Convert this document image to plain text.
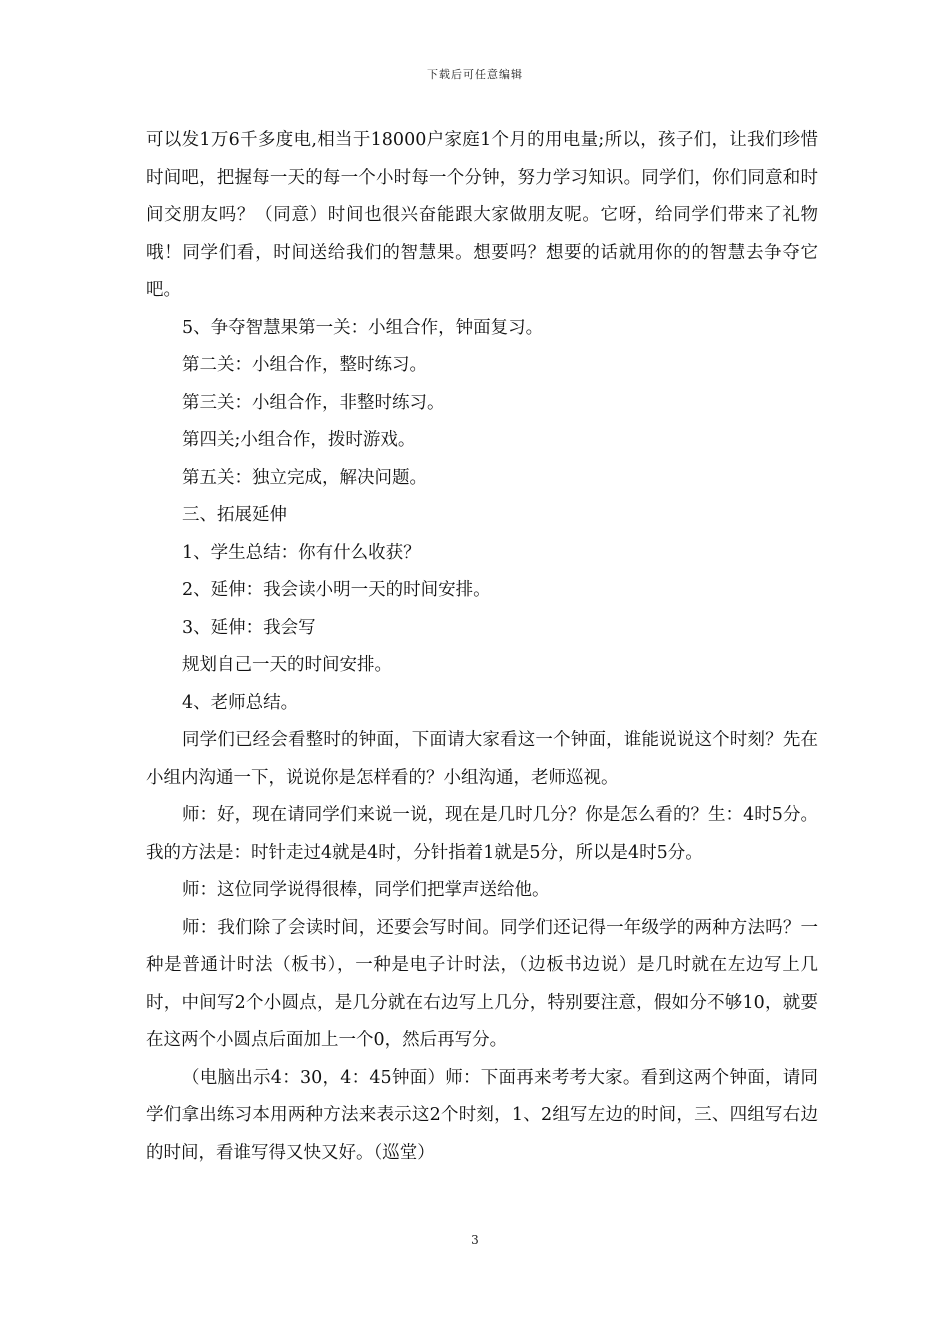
下载后可任意编辑

可以发1万6千多度电,相当于18000户家庭1个月的用电量;所以，孩子们，让我们珍惜时间吧，把握每一天的每一个小时每一个分钟，努力学习知识。同学们，你们同意和时间交朋友吗？（同意）时间也很兴奋能跟大家做朋友呢。它呀，给同学们带来了礼物哦！同学们看，时间送给我们的智慧果。想要吗？想要的话就用你的的智慧去争夺它吧。

5、争夺智慧果第一关：小组合作，钟面复习。

第二关：小组合作，整时练习。

第三关：小组合作，非整时练习。

第四关;小组合作，拨时游戏。

第五关：独立完成，解决问题。

三、拓展延伸

1、学生总结：你有什么收获？

2、延伸：我会读小明一天的时间安排。

3、延伸：我会写

规划自己一天的时间安排。

4、老师总结。

同学们已经会看整时的钟面，下面请大家看这一个钟面，谁能说说这个时刻？先在小组内沟通一下，说说你是怎样看的？小组沟通，老师巡视。

师：好，现在请同学们来说一说，现在是几时几分？你是怎么看的？生：4时5分。我的方法是：时针走过4就是4时，分针指着1就是5分，所以是4时5分。

师：这位同学说得很棒，同学们把掌声送给他。

师：我们除了会读时间，还要会写时间。同学们还记得一年级学的两种方法吗？一种是普通计时法（板书），一种是电子计时法，（边板书边说）是几时就在左边写上几时，中间写2个小圆点，是几分就在右边写上几分，特别要注意，假如分不够10，就要在这两个小圆点后面加上一个0，然后再写分。

（电脑出示4：30，4：45钟面）师：下面再来考考大家。看到这两个钟面，请同学们拿出练习本用两种方法来表示这2个时刻，1、2组写左边的时间，三、四组写右边的时间，看谁写得又快又好。（巡堂）

3
